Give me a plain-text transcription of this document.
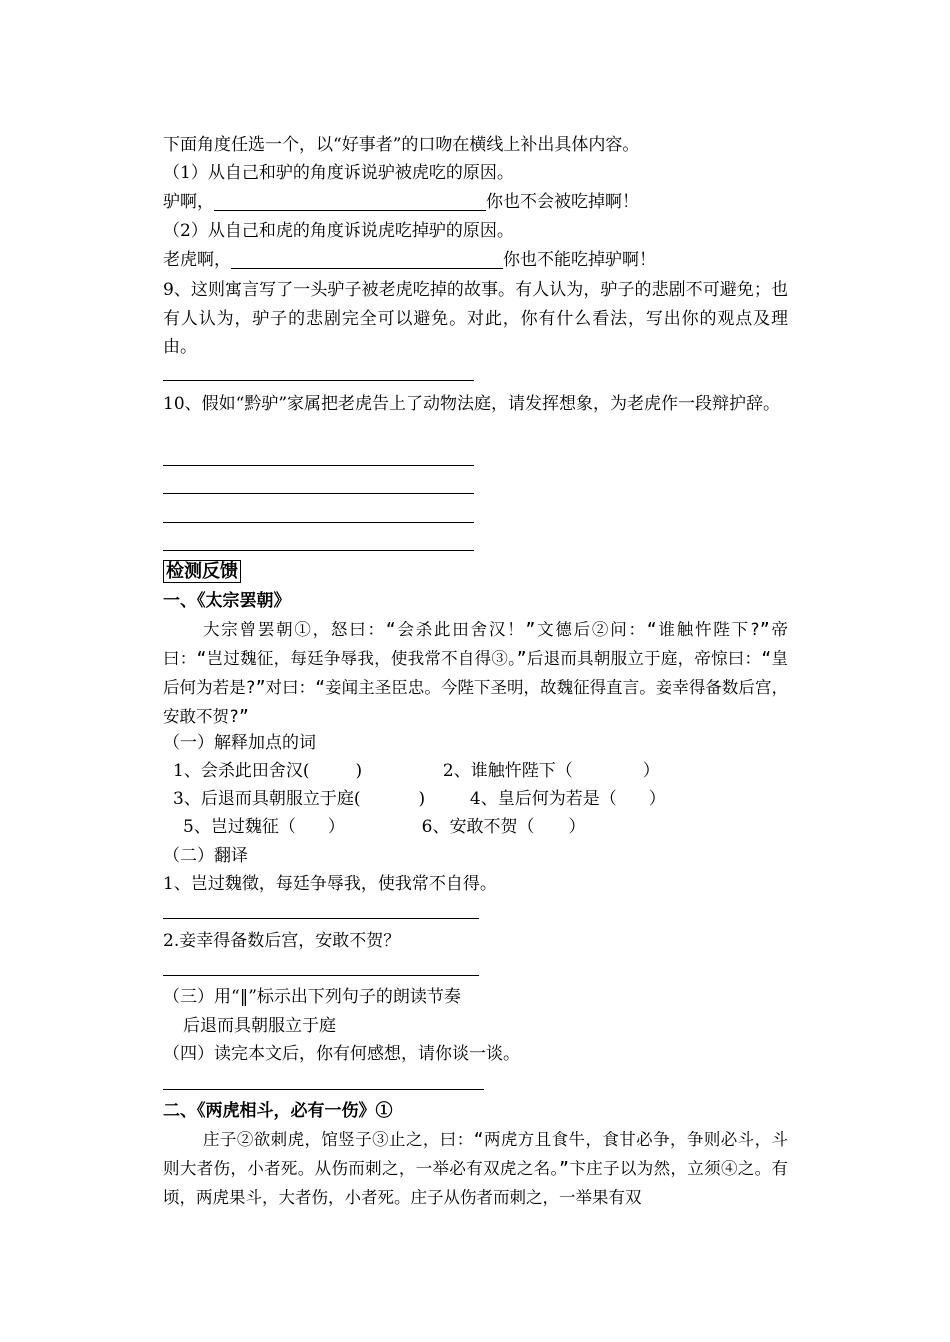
下面角度任选一个，以“好事者”的口吻在横线上补出具体内容。
（1）从自己和驴的角度诉说驴被虎吃的原因。
驴啊，	你也不会被吃掉啊！
（2）从自己和虎的角度诉说虎吃掉驴的原因。
老虎啊，	你也不能吃掉驴啊！
9、这则寓言写了一头驴子被老虎吃掉的故事。有人认为，驴子的悲剧不可避免；也有人认为，驴子的悲剧完全可以避免。对此，你有什么看法，写出你的观点及理由。
10、假如“黔驴”家属把老虎告上了动物法庭，请发挥想象，为老虎作一段辩护辞。
检测反馈
一、《太宗罢朝》
大宗曾罢朝①，怒曰：“会杀此田舍汉！”文德后②问：“谁触忤陛下?”帝曰：“岂过魏征，每廷争辱我，使我常不自得③。”后退而具朝服立于庭，帝惊曰：“皇后何为若是?”对曰：“妾闻主圣臣忠。今陛下圣明，故魏征得直言。妾幸得备数后宫，安敢不贺?”
（一）解释加点的词
1、会杀此田舍汉(	)	2、谁触忤陛下（	）
3、后退而具朝服立于庭(	)	4、皇后何为若是（ ）
5、岂过魏征（ ）	6、安敢不贺（ ）
（二）翻译
1、岂过魏徵，每廷争辱我，使我常不自得。
2.妾幸得备数后宫，安敢不贺？
（三）用“‖”标示出下列句子的朗读节奏
后退而具朝服立于庭
（四）读完本文后，你有何感想，请你谈一谈。
二、《两虎相斗，必有一伤》①
庄子②欲刺虎，馆竖子③止之，曰：“两虎方且食牛，食甘必争，争则必斗，斗则大者伤，小者死。从伤而刺之，一举必有双虎之名。”卞庄子以为然，立须④之。有顷，两虎果斗，大者伤，小者死。庄子从伤者而刺之，一举果有双
